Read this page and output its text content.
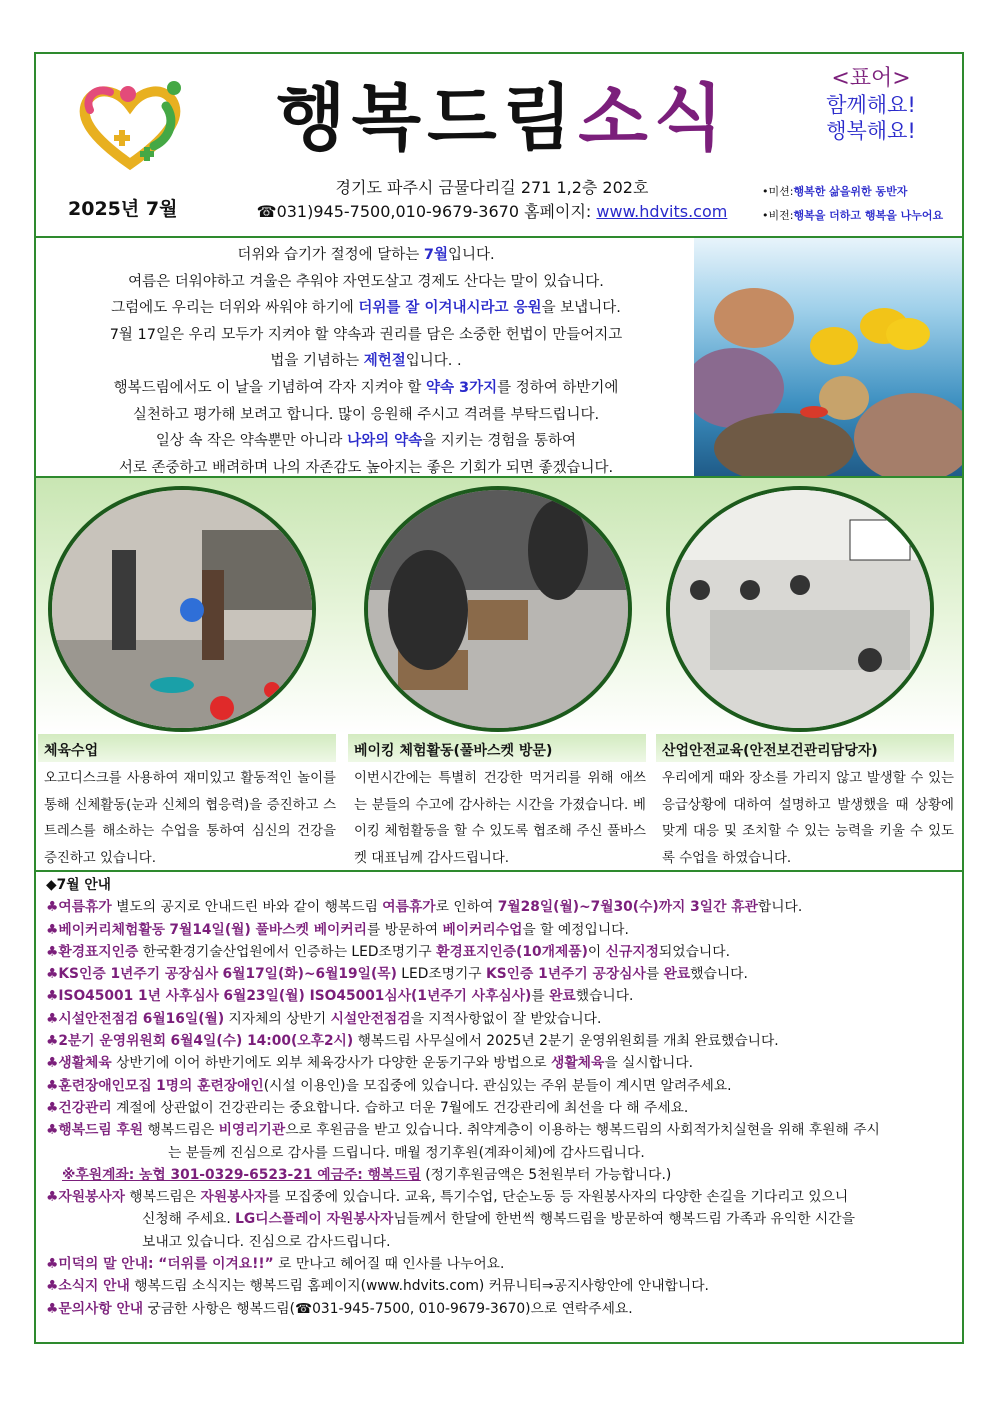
행복드림소식	<표어>
함께해요!
행복해요!
2025년 7월
경기도 파주시 금물다리길 271 1,2층 202호
☎031)945-7500,010-9679-3670 홈페이지: www.hdvits.com
•미션:행복한 삶을위한 동반자
•비전:행복을 더하고 행복을 나누어요
더위와 습기가 절정에 달하는 7월입니다.
여름은 더워야하고 겨울은 추워야 자연도살고 경제도 산다는 말이 있습니다.
그럼에도 우리는 더위와 싸워야 하기에 더위를 잘 이겨내시라고 응원을 보냅니다.
7월 17일은 우리 모두가 지켜야 할 약속과 권리를 담은 소중한 헌법이 만들어지고
법을 기념하는 제헌절입니다. .
행복드림에서도 이 날을 기념하여 각자 지켜야 할 약속 3가지를 정하여 하반기에
실천하고 평가해 보려고 합니다. 많이 응원해 주시고 격려를 부탁드립니다.
일상 속 작은 약속뿐만 아니라 나와의 약속을 지키는 경험을 통하여
서로 존중하고 배려하며 나의 자존감도 높아지는 좋은 기회가 되면 좋겠습니다.
체육수업

오고디스크를 사용하여 재미있고 활동적인 놀이를 통해 신체활동(눈과 신체의 협응력)을 증진하고 스트레스를 해소하는 수업을 통하여 심신의 건강을 증진하고 있습니다.

베이킹 체험활동(풀바스켓 방문)

이번시간에는 특별히 건강한 먹거리를 위해 애쓰는 분들의 수고에 감사하는 시간을 가졌습니다. 베이킹 체험활동을 할 수 있도록 협조해 주신 풀바스켓 대표님께 감사드립니다.

산업안전교육(안전보건관리담당자)

우리에게 때와 장소를 가리지 않고 발생할 수 있는 응급상황에 대하여 설명하고 발생했을 때 상황에 맞게 대응 및 조치할 수 있는 능력을 키울 수 있도록 수업을 하였습니다.

◆7월 안내
♣여름휴가 별도의 공지로 안내드린 바와 같이 행복드림 여름휴가로 인하여 7월28일(월)~7월30(수)까지 3일간 휴관합니다.
♣베이커리체험활동 7월14일(월) 풀바스켓 베이커리를 방문하여 베이커리수업을 할 예정입니다.
♣환경표지인증 한국환경기술산업원에서 인증하는 LED조명기구 환경표지인증(10개제품)이 신규지정되었습니다.
♣KS인증 1년주기 공장심사 6월17일(화)~6월19일(목) LED조명기구 KS인증 1년주기 공장심사를 완료했습니다.
♣ISO45001 1년 사후심사 6월23일(월) ISO45001심사(1년주기 사후심사)를 완료했습니다.
♣시설안전점검 6월16일(월) 지자체의 상반기 시설안전점검을 지적사항없이 잘 받았습니다.
♣2분기 운영위원회 6월4일(수) 14:00(오후2시) 행복드림 사무실에서 2025년 2분기 운영위원회를 개최 완료했습니다.
♣생활체육 상반기에 이어 하반기에도 외부 체육강사가 다양한 운동기구와 방법으로 생활체육을 실시합니다.
♣훈련장애인모집 1명의 훈련장애인(시설 이용인)을 모집중에 있습니다. 관심있는 주위 분들이 계시면 알려주세요.
♣건강관리 계절에 상관없이 건강관리는 중요합니다. 습하고 더운 7월에도 건강관리에 최선을 다 해 주세요.
♣행복드림 후원 행복드림은 비영리기관으로 후원금을 받고 있습니다. 취약계층이 이용하는 행복드림의 사회적가치실현을 위해 후원해 주시
는 분들께 진심으로 감사를 드립니다. 매월 정기후원(계좌이체)에 감사드립니다.
※후원계좌: 농협 301-0329-6523-21 예금주: 행복드림 (정기후원금액은 5천원부터 가능합니다.)
♣자원봉사자 행복드림은 자원봉사자를 모집중에 있습니다. 교육, 특기수업, 단순노동 등 자원봉사자의 다양한 손길을 기다리고 있으니
신청해 주세요. LG디스플레이 자원봉사자님들께서 한달에 한번씩 행복드림을 방문하여 행복드림 가족과 유익한 시간을
보내고 있습니다. 진심으로 감사드립니다.
♣미덕의 말 안내: “더위를 이겨요!!” 로 만나고 헤어질 때 인사를 나누어요.
♣소식지 안내 행복드림 소식지는 행복드림 홈페이지(www.hdvits.com) 커뮤니티⇒공지사항안에 안내합니다.
♣문의사항 안내 궁금한 사항은 행복드림(☎031-945-7500, 010-9679-3670)으로 연락주세요.
